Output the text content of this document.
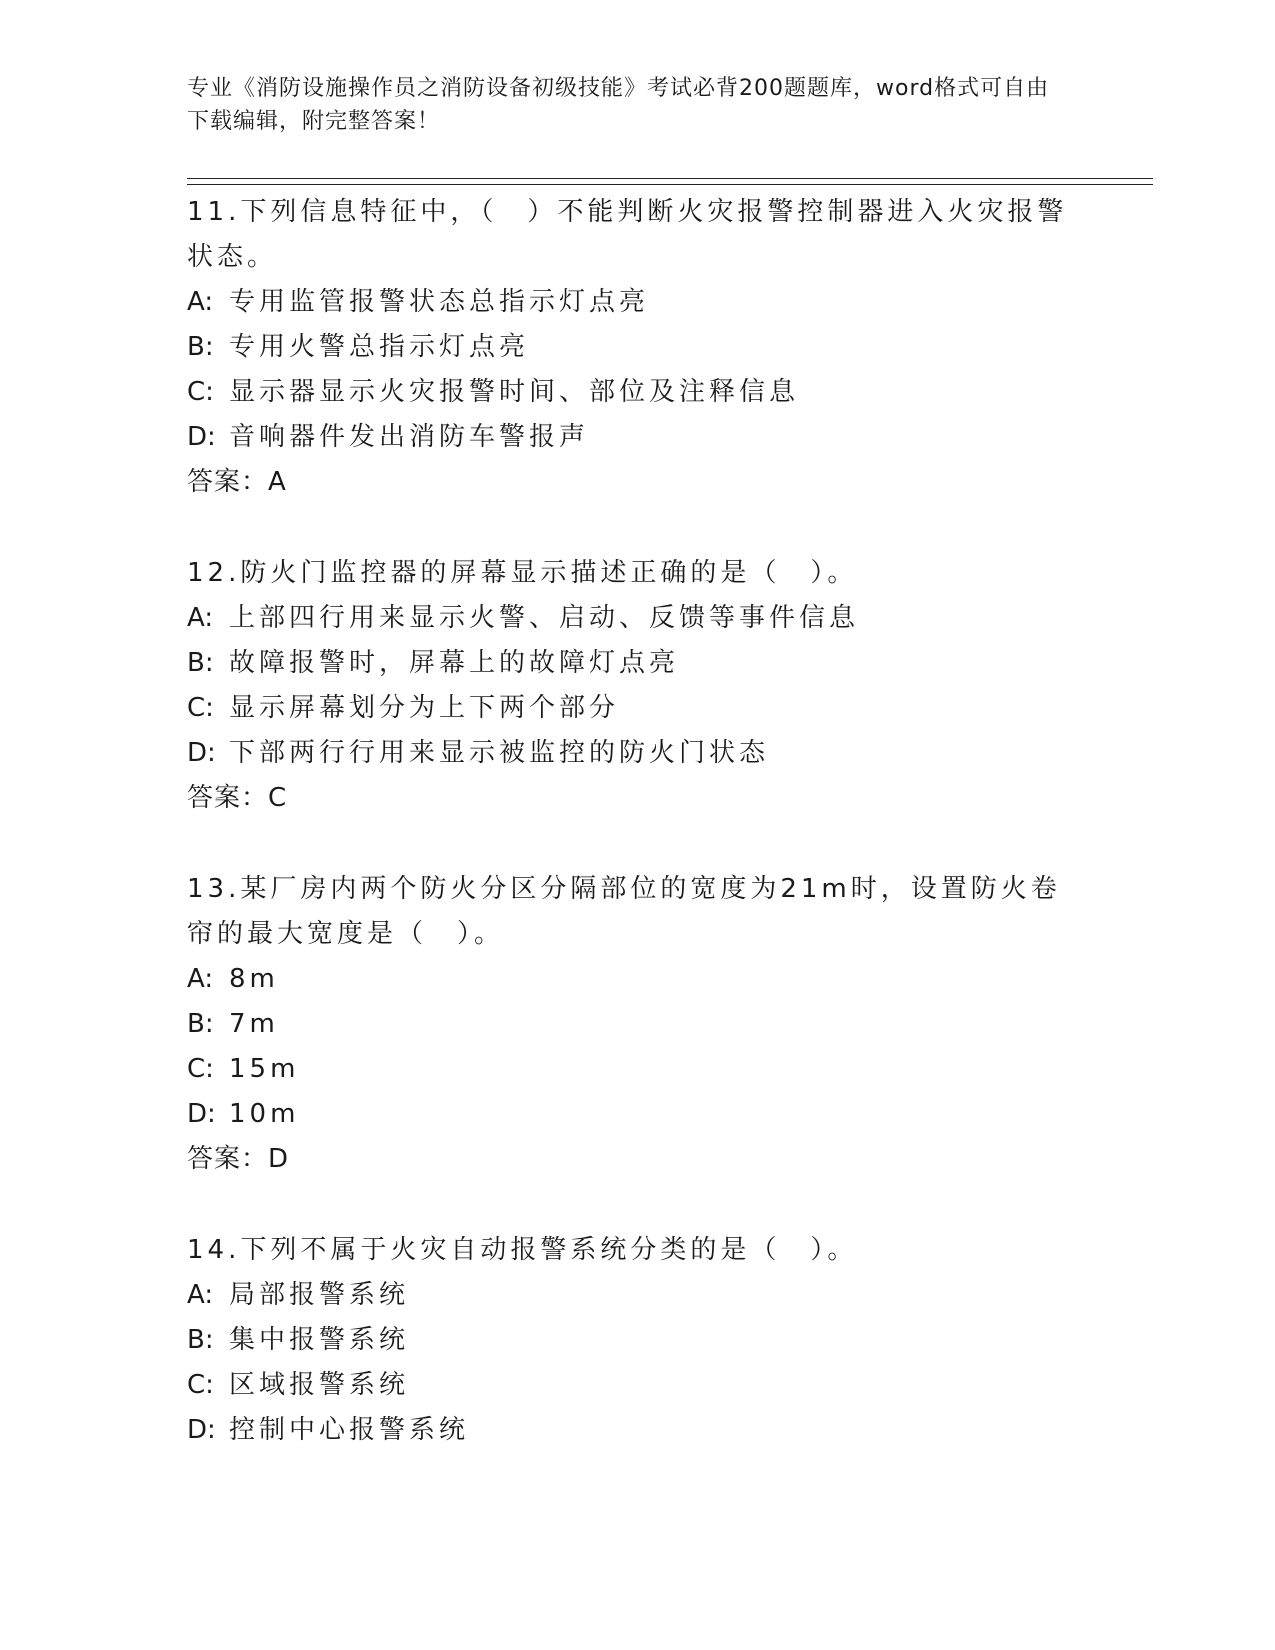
专业《消防设施操作员之消防设备初级技能》考试必背200题题库，word格式可自由下载编辑，附完整答案！

11.下列信息特征中，（　）不能判断火灾报警控制器进入火灾报警状态。

A: 专用监管报警状态总指示灯点亮

B: 专用火警总指示灯点亮

C: 显示器显示火灾报警时间、部位及注释信息

D: 音响器件发出消防车警报声

答案：A

12.防火门监控器的屏幕显示描述正确的是（　）。

A: 上部四行用来显示火警、启动、反馈等事件信息

B: 故障报警时，屏幕上的故障灯点亮

C: 显示屏幕划分为上下两个部分

D: 下部两行行用来显示被监控的防火门状态

答案：C

13.某厂房内两个防火分区分隔部位的宽度为21m时，设置防火卷帘的最大宽度是（　）。

A: 8m

B: 7m

C: 15m

D: 10m

答案：D

14.下列不属于火灾自动报警系统分类的是（　）。

A: 局部报警系统

B: 集中报警系统

C: 区域报警系统

D: 控制中心报警系统
